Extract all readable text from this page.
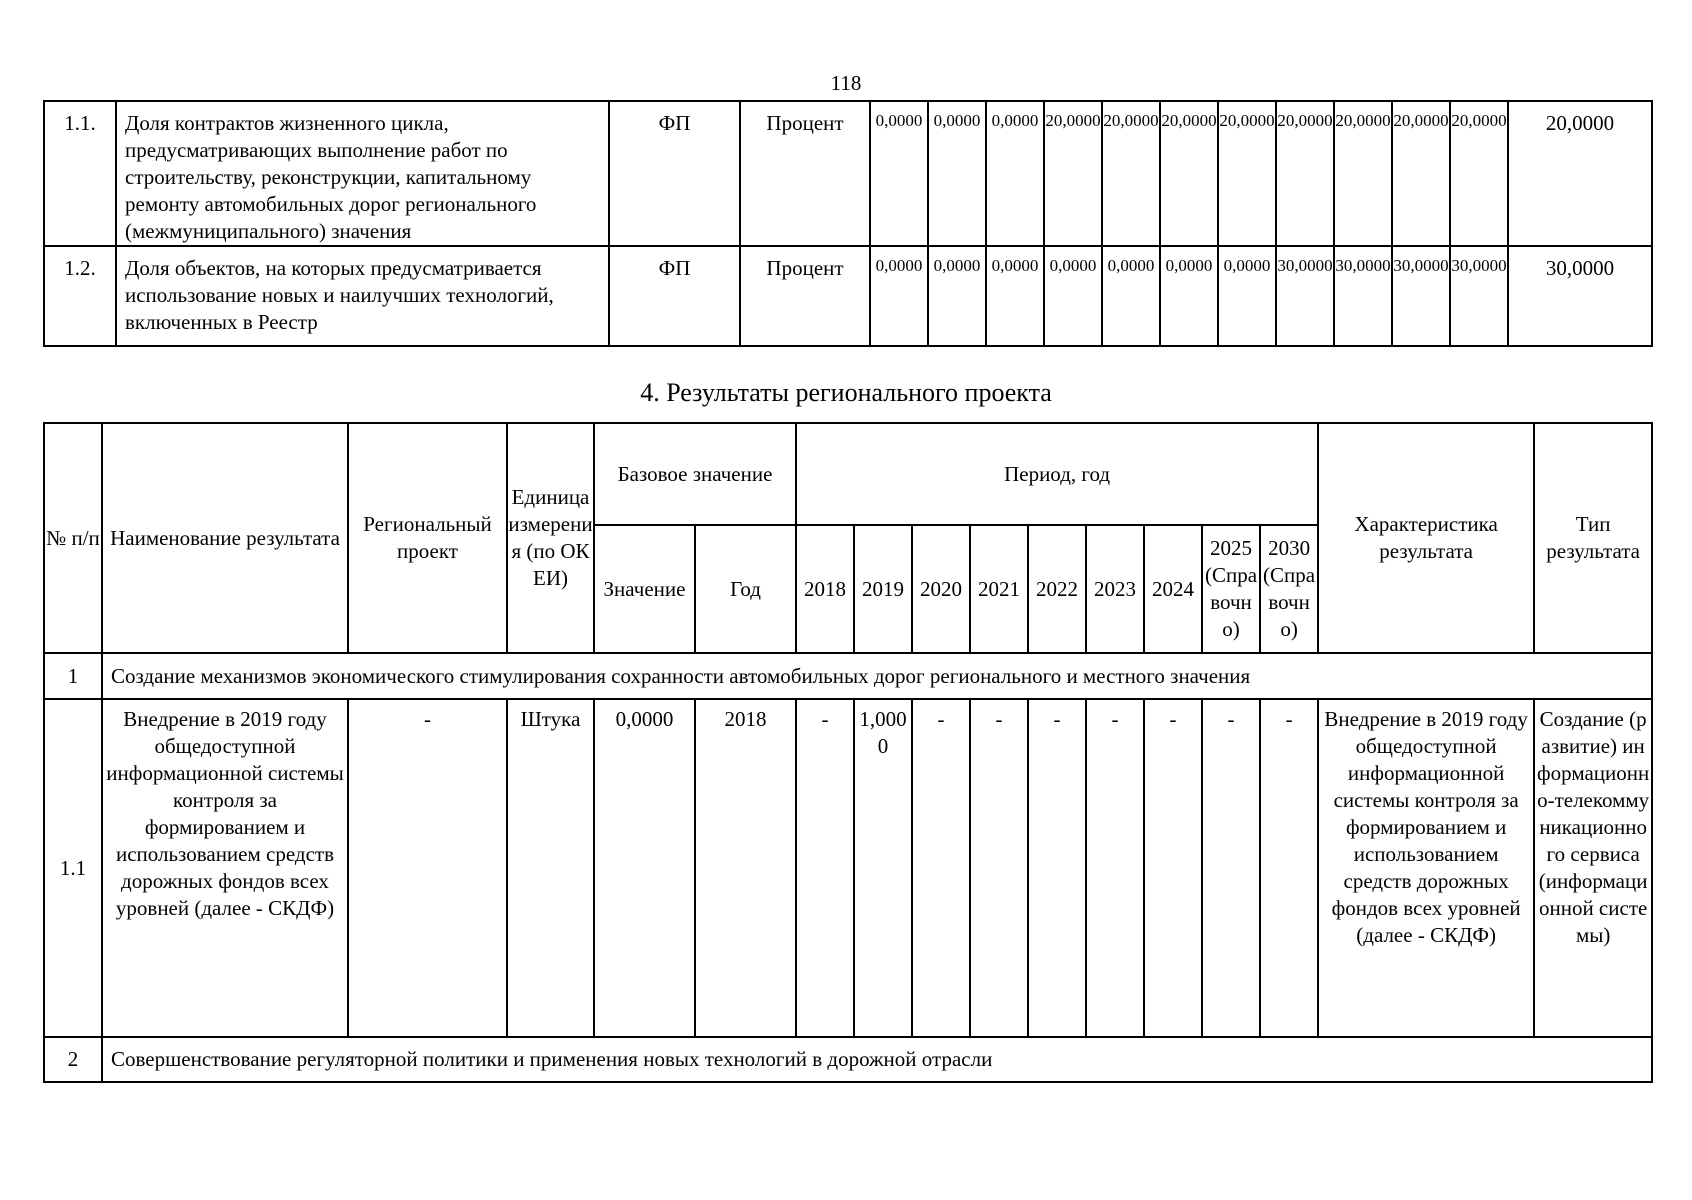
118
1.1.	Доля контрактов жизненного цикла, предусматривающих выполнение работ по строительству, реконструкции, капитальному ремонту автомобильных дорог регионального (межмуниципального) значения	ФП	Процент	0,0000	0,0000	0,0000	20,0000	20,0000	20,0000	20,0000	20,0000	20,0000	20,0000	20,0000	20,0000
1.2.	Доля объектов, на которых предусматривается использование новых и наилучших технологий, включенных в Реестр	ФП	Процент	0,0000	0,0000	0,0000	0,0000	0,0000	0,0000	0,0000	30,0000	30,0000	30,0000	30,0000	30,0000
4. Результаты регионального проекта
№ п/п	Наименование результата	Региональный проект	Единица измерения (по ОКЕИ)	Базовое значение		Период, год									Характеристика результата	Тип результата
				Значение	Год	2018	2019	2020	2021	2022	2023	2024	2025 (Справочно)	2030 (Справочно)		
1	Создание механизмов экономического стимулирования сохранности автомобильных дорог регионального и местного значения															
1.1	Внедрение в 2019 году общедоступной информационной системы контроля за формированием и использованием средств дорожных фондов всех уровней (далее - СКДФ)	-	Штука	0,0000	2018	-	1,0000	-	-	-	-	-	-	-	Внедрение в 2019 году общедоступной информационной системы контроля за формированием и использованием средств дорожных фондов всех уровней (далее - СКДФ)	Создание (развитие) информационно-телекоммуникационного сервиса (информационной системы)
2	Совершенствование регуляторной политики и применения новых технологий в дорожной отрасли															
